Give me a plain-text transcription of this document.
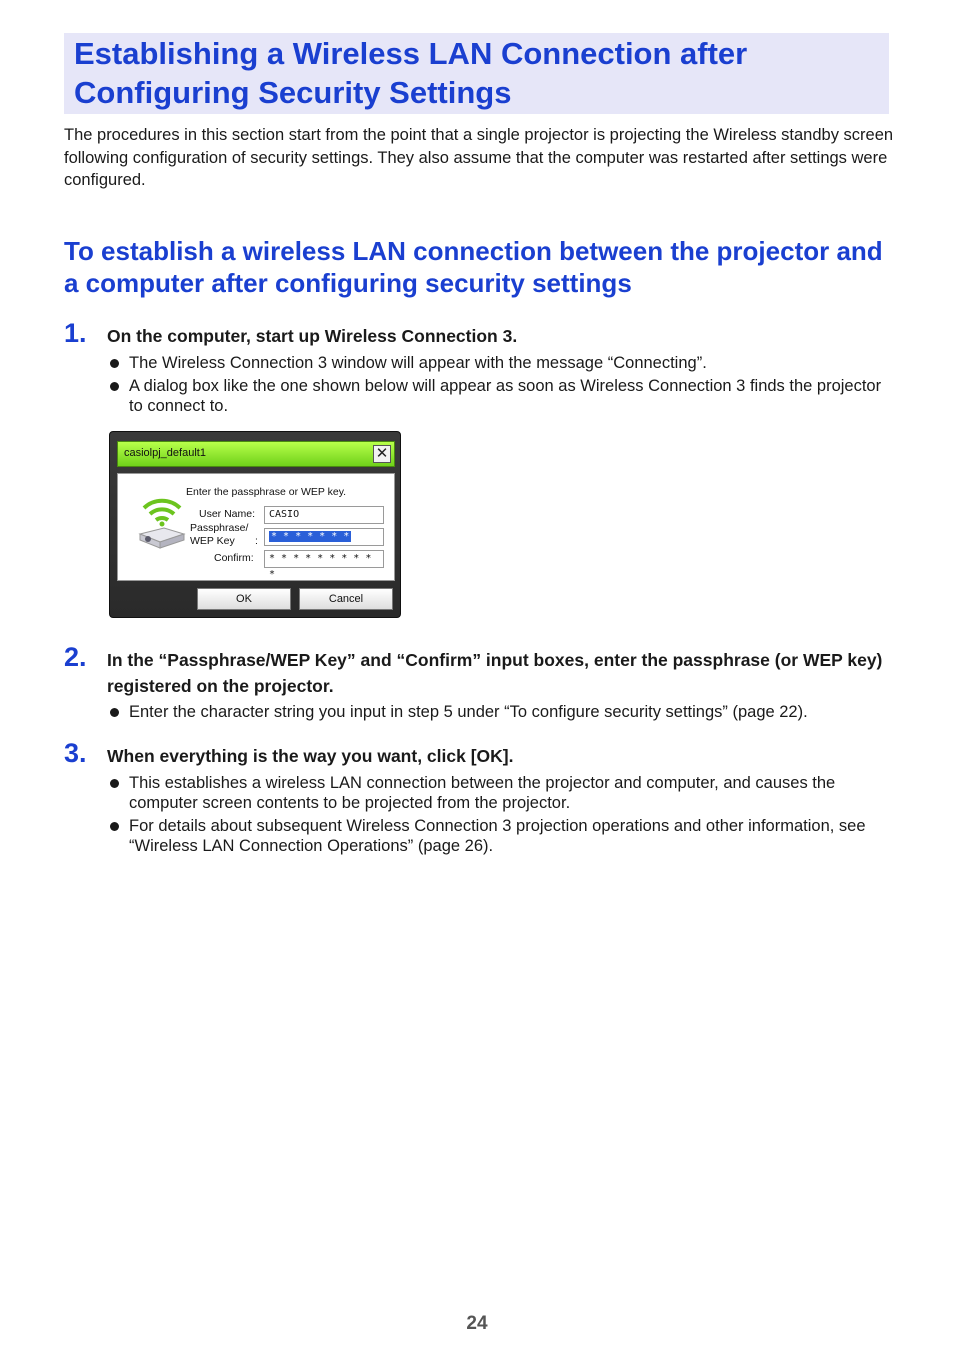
Establishing a Wireless LAN Connection after Configuring Security Settings

The procedures in this section start from the point that a single projector is projecting the Wireless standby screen following configuration of security settings. They also assume that the computer was restarted after settings were configured.

To establish a wireless LAN connection between the projector and a computer after configuring security settings
1. On the computer, start up Wireless Connection 3.

The Wireless Connection 3 window will appear with the message “Connecting”.
A dialog box like the one shown below will appear as soon as Wireless Connection 3 finds the projector to connect to.
casiolpj_default1	✕
Enter the passphrase or WEP key.
User Name:	CASIO
Passphrase/
WEP Key :	* * * * * * *
Confirm:	* * * * * * * * * *
OK	Cancel
2. In the “Passphrase/WEP Key” and “Confirm” input boxes, enter the passphrase (or WEP key) registered on the projector.

Enter the character string you input in step 5 under “To configure security settings” (page 22).
3. When everything is the way you want, click [OK].

This establishes a wireless LAN connection between the projector and computer, and causes the computer screen contents to be projected from the projector.
For details about subsequent Wireless Connection 3 projection operations and other information, see “Wireless LAN Connection Operations” (page 26).
24
